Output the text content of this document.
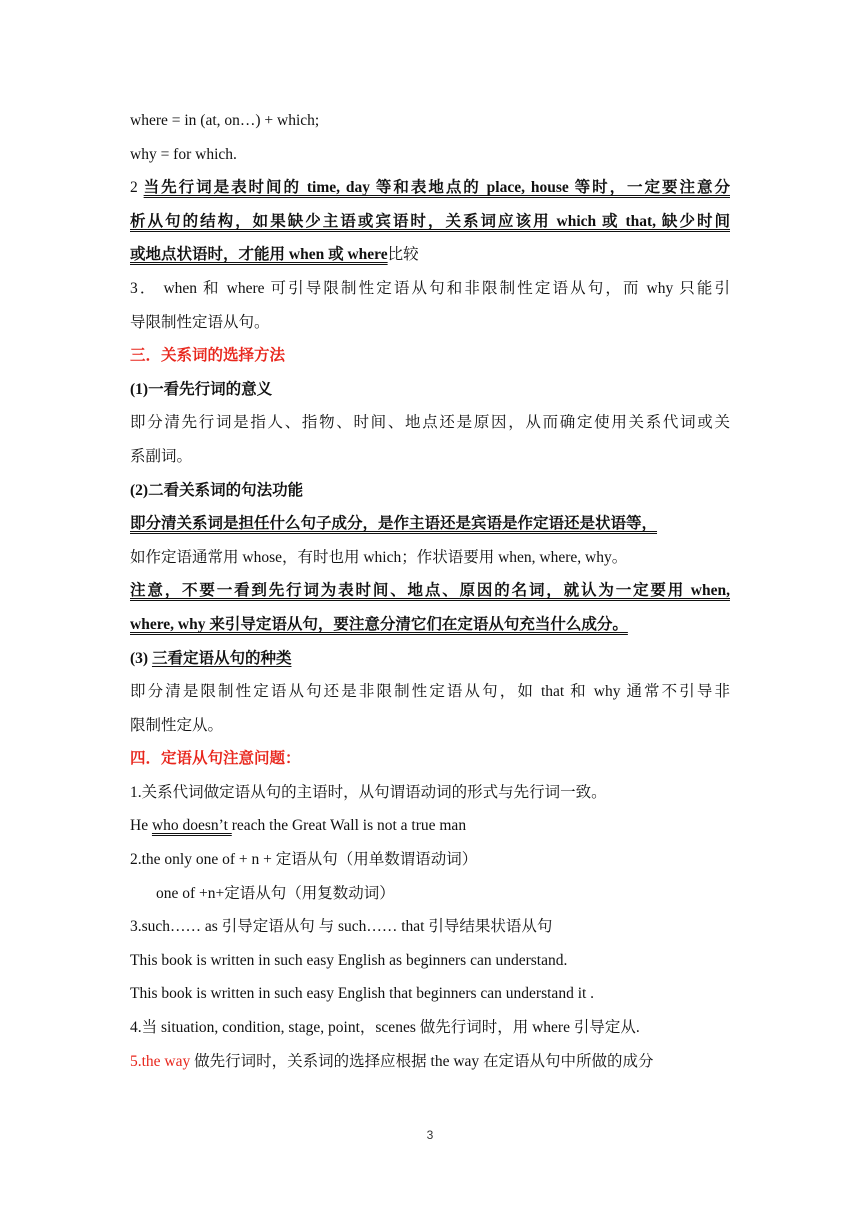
where = in (at, on…) + which;
why = for which.
2 当先行词是表时间的 time, day 等和表地点的 place, house 等时，一定要注意分
析从句的结构，如果缺少主语或宾语时，关系词应该用 which 或 that, 缺少时间
或地点状语时，才能用 when 或 where比较
3． when 和 where 可引导限制性定语从句和非限制性定语从句，而 why 只能引
导限制性定语从句。
三．关系词的选择方法
(1)一看先行词的意义
即分清先行词是指人、指物、时间、地点还是原因，从而确定使用关系代词或关
系副词。
(2)二看关系词的句法功能
即分清关系词是担任什么句子成分，是作主语还是宾语是作定语还是状语等，
如作定语通常用 whose，有时也用 which；作状语要用 when, where, why。
注意，不要一看到先行词为表时间、地点、原因的名词，就认为一定要用 when,
where, why 来引导定语从句，要注意分清它们在定语从句充当什么成分。
(3) 三看定语从句的种类
即分清是限制性定语从句还是非限制性定语从句，如 that 和 why 通常不引导非
限制性定从。
四．定语从句注意问题：
1.关系代词做定语从句的主语时，从句谓语动词的形式与先行词一致。
He who doesn’t reach the Great Wall is not a true man
2.the only one of + n + 定语从句（用单数谓语动词）
one of +n+定语从句（用复数动词）
3.such…… as 引导定语从句 与 such…… that 引导结果状语从句
This book is written in such easy English as beginners can understand.
This book is written in such easy English that beginners can understand it .
4.当 situation, condition, stage, point，scenes 做先行词时，用 where 引导定从.
5.the way 做先行词时，关系词的选择应根据 the way 在定语从句中所做的成分
3
